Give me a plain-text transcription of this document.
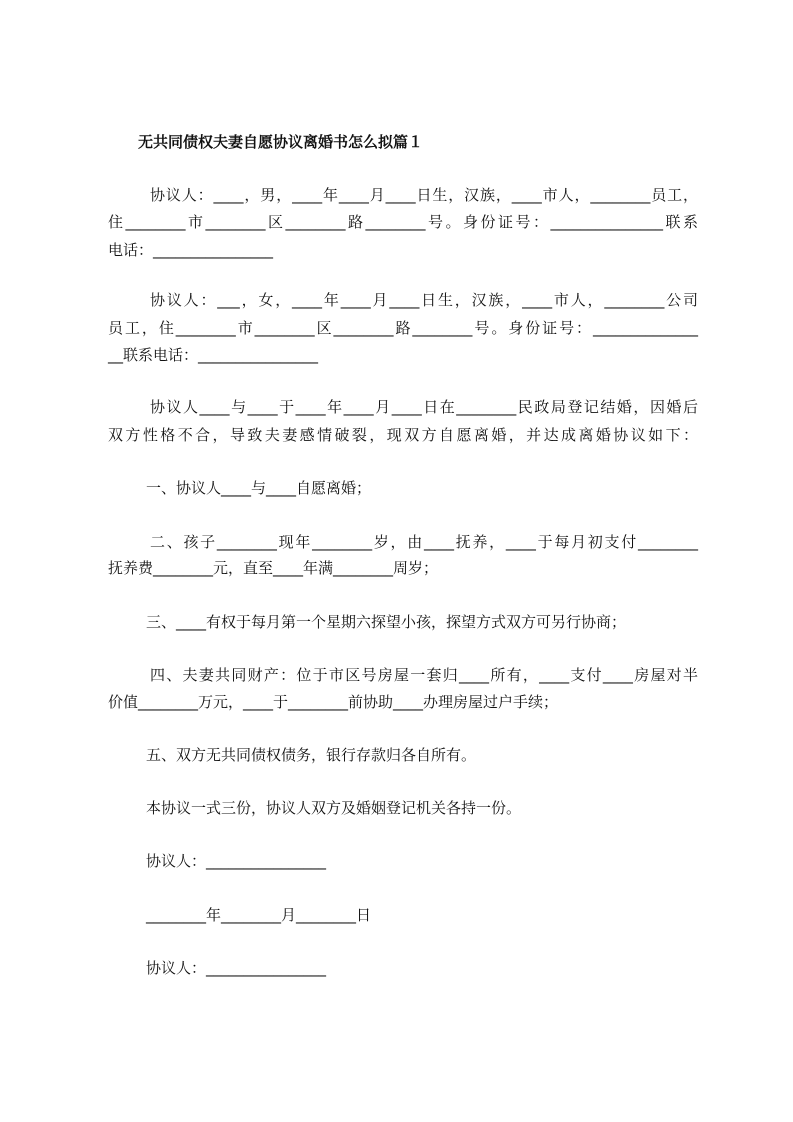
无共同债权夫妻自愿协议离婚书怎么拟篇１
协议人：____，男，____年____月____日生，汉族，____市人，________员工，
住________市________区________路________号。身份证号：_______________联系
电话：________________
协议人：___，女，____年____月____日生，汉族，____市人，________公司
员工，住________市________区________路________号。身份证号：______________
__联系电话：________________
协议人____与____于____年____月____日在________民政局登记结婚，因婚后
双方性格不合，导致夫妻感情破裂，现双方自愿离婚，并达成离婚协议如下：
一、协议人____与____自愿离婚；
二、孩子________现年________岁，由____抚养，____于每月初支付________
抚养费________元，直至____年满________周岁；
三、____有权于每月第一个星期六探望小孩，探望方式双方可另行协商；
四、夫妻共同财产：位于市区号房屋一套归____所有，____支付____房屋对半
价值________万元，____于________前协助____办理房屋过户手续；
五、双方无共同债权债务，银行存款归各自所有。
本协议一式三份，协议人双方及婚姻登记机关各持一份。
协议人：________________
________年________月________日
协议人：________________
